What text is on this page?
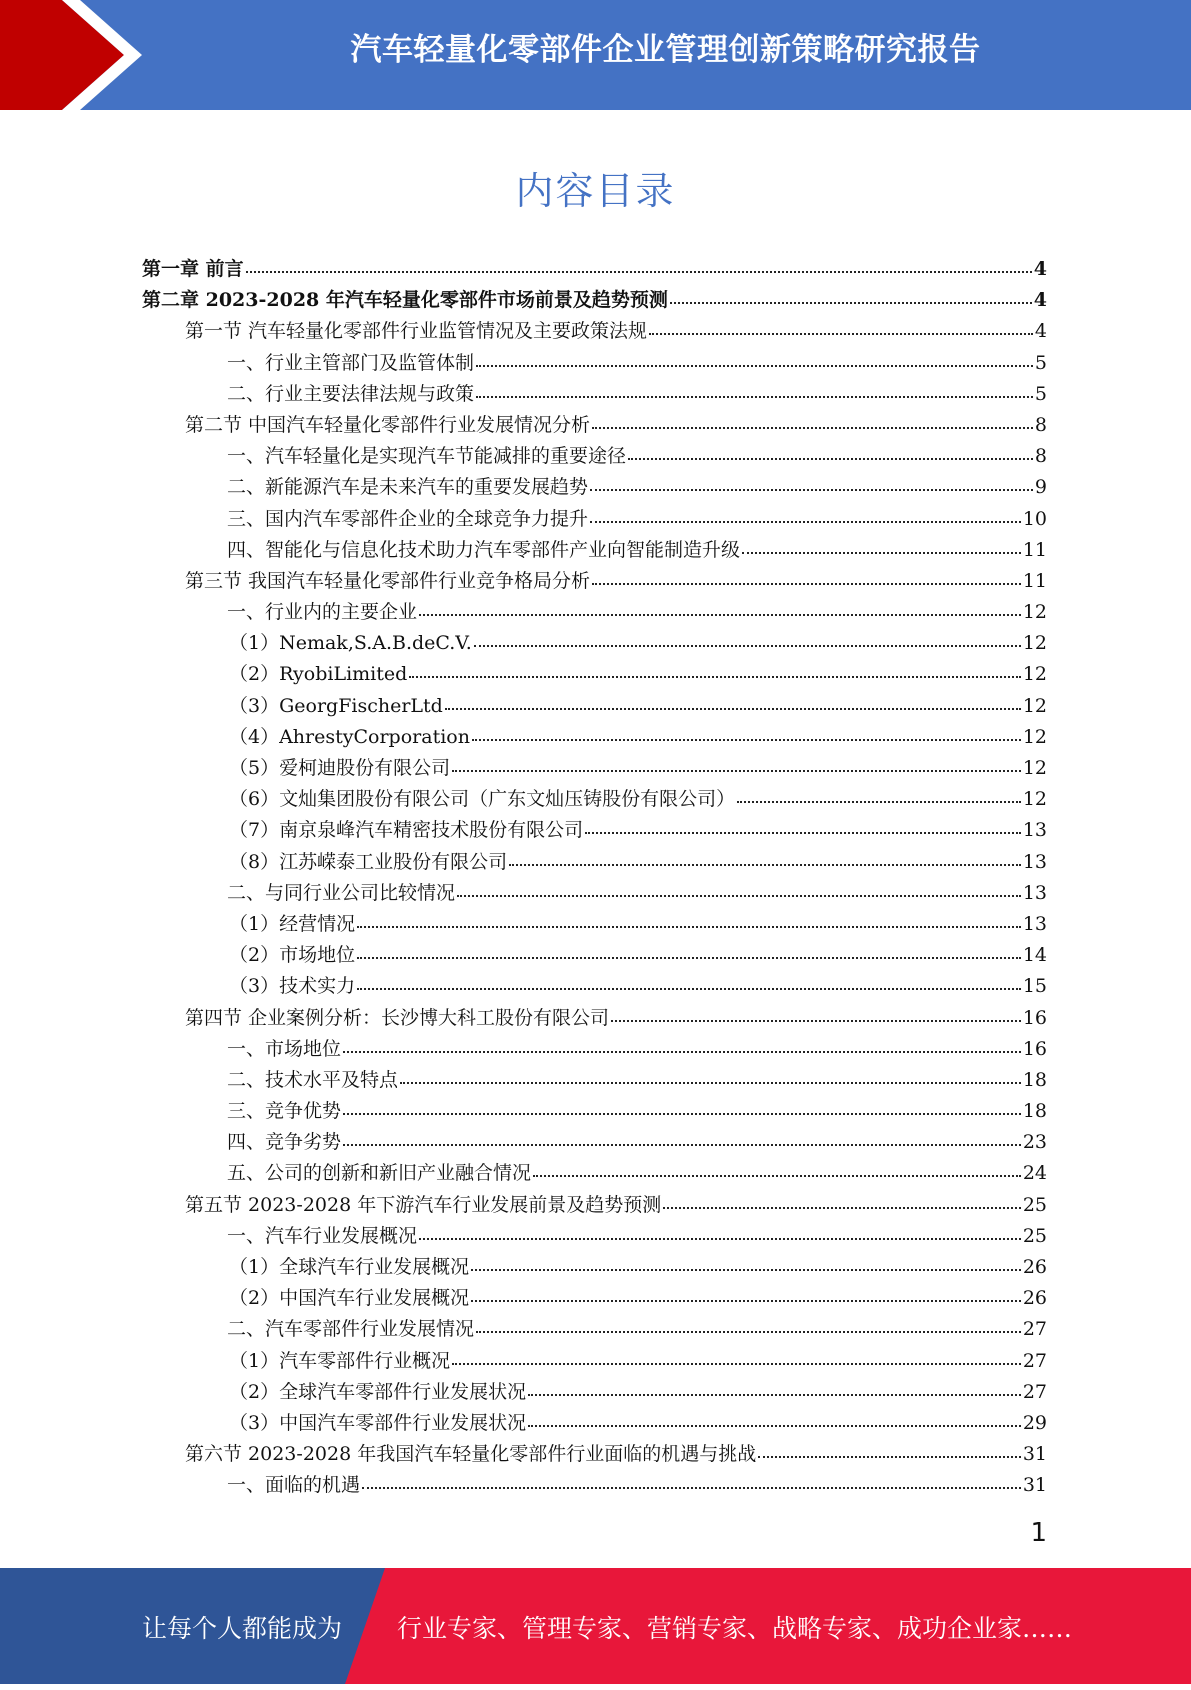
汽车轻量化零部件企业管理创新策略研究报告
内容目录
第一章 前言	4
第二章 2023-2028 年汽车轻量化零部件市场前景及趋势预测	4
第一节 汽车轻量化零部件行业监管情况及主要政策法规	4
一、行业主管部门及监管体制	5
二、行业主要法律法规与政策	5
第二节 中国汽车轻量化零部件行业发展情况分析	8
一、汽车轻量化是实现汽车节能减排的重要途径	8
二、新能源汽车是未来汽车的重要发展趋势	9
三、国内汽车零部件企业的全球竞争力提升	10
四、智能化与信息化技术助力汽车零部件产业向智能制造升级	11
第三节 我国汽车轻量化零部件行业竞争格局分析	11
一、行业内的主要企业	12
（1）Nemak,S.A.B.deC.V.	12
（2）RyobiLimited	12
（3）GeorgFischerLtd	12
（4）AhrestyCorporation	12
（5）爱柯迪股份有限公司	12
（6）文灿集团股份有限公司（广东文灿压铸股份有限公司）	12
（7）南京泉峰汽车精密技术股份有限公司	13
（8）江苏嵘泰工业股份有限公司	13
二、与同行业公司比较情况	13
（1）经营情况	13
（2）市场地位	14
（3）技术实力	15
第四节 企业案例分析：长沙博大科工股份有限公司	16
一、市场地位	16
二、技术水平及特点	18
三、竞争优势	18
四、竞争劣势	23
五、公司的创新和新旧产业融合情况	24
第五节 2023-2028 年下游汽车行业发展前景及趋势预测	25
一、汽车行业发展概况	25
（1）全球汽车行业发展概况	26
（2）中国汽车行业发展概况	26
二、汽车零部件行业发展情况	27
（1）汽车零部件行业概况	27
（2）全球汽车零部件行业发展状况	27
（3）中国汽车零部件行业发展状况	29
第六节 2023-2028 年我国汽车轻量化零部件行业面临的机遇与挑战	31
一、面临的机遇	31
1
让每个人都能成为 行业专家、管理专家、营销专家、战略专家、成功企业家……
